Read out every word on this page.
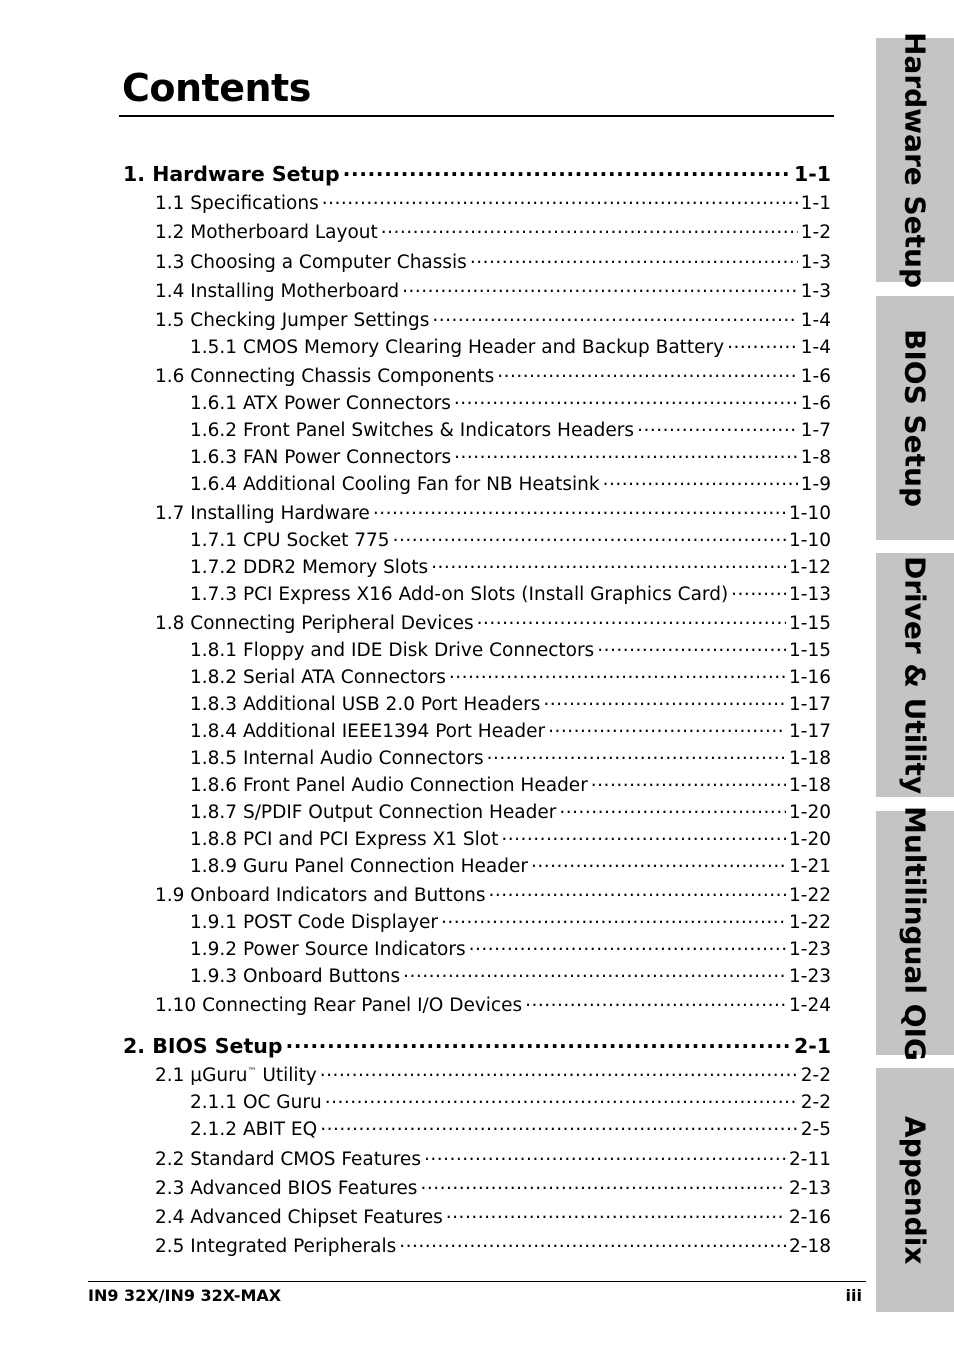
Contents
1. Hardware Setup .....	1-1
1.1 Specifications .....	1-1
1.2 Motherboard Layout .....	1-2
1.3 Choosing a Computer Chassis .....	1-3
1.4 Installing Motherboard .....	1-3
1.5 Checking Jumper Settings .....	1-4
1.5.1 CMOS Memory Clearing Header and Backup Battery .....	1-4
1.6 Connecting Chassis Components .....	1-6
1.6.1 ATX Power Connectors .....	1-6
1.6.2 Front Panel Switches & Indicators Headers .....	1-7
1.6.3 FAN Power Connectors .....	1-8
1.6.4 Additional Cooling Fan for NB Heatsink .....	1-9
1.7 Installing Hardware .....	1-10
1.7.1 CPU Socket 775 .....	1-10
1.7.2 DDR2 Memory Slots .....	1-12
1.7.3 PCI Express X16 Add-on Slots (Install Graphics Card) .....	1-13
1.8 Connecting Peripheral Devices .....	1-15
1.8.1 Floppy and IDE Disk Drive Connectors .....	1-15
1.8.2 Serial ATA Connectors .....	1-16
1.8.3 Additional USB 2.0 Port Headers .....	1-17
1.8.4 Additional IEEE1394 Port Header .....	1-17
1.8.5 Internal Audio Connectors .....	1-18
1.8.6 Front Panel Audio Connection Header .....	1-18
1.8.7 S/PDIF Output Connection Header .....	1-20
1.8.8 PCI and PCI Express X1 Slot .....	1-20
1.8.9 Guru Panel Connection Header .....	1-21
1.9 Onboard Indicators and Buttons .....	1-22
1.9.1 POST Code Displayer .....	1-22
1.9.2 Power Source Indicators .....	1-23
1.9.3 Onboard Buttons .....	1-23
1.10 Connecting Rear Panel I/O Devices .....	1-24
2. BIOS Setup .....	2-1
2.1 µGuru™ Utility .....	2-2
2.1.1 OC Guru .....	2-2
2.1.2 ABIT EQ .....	2-5
2.2 Standard CMOS Features .....	2-11
2.3 Advanced BIOS Features .....	2-13
2.4 Advanced Chipset Features .....	2-16
2.5 Integrated Peripherals .....	2-18
Hardware Setup
BIOS Setup
Driver & Utility
Multilingual QIG
Appendix
IN9 32X/IN9 32X-MAX	iii
